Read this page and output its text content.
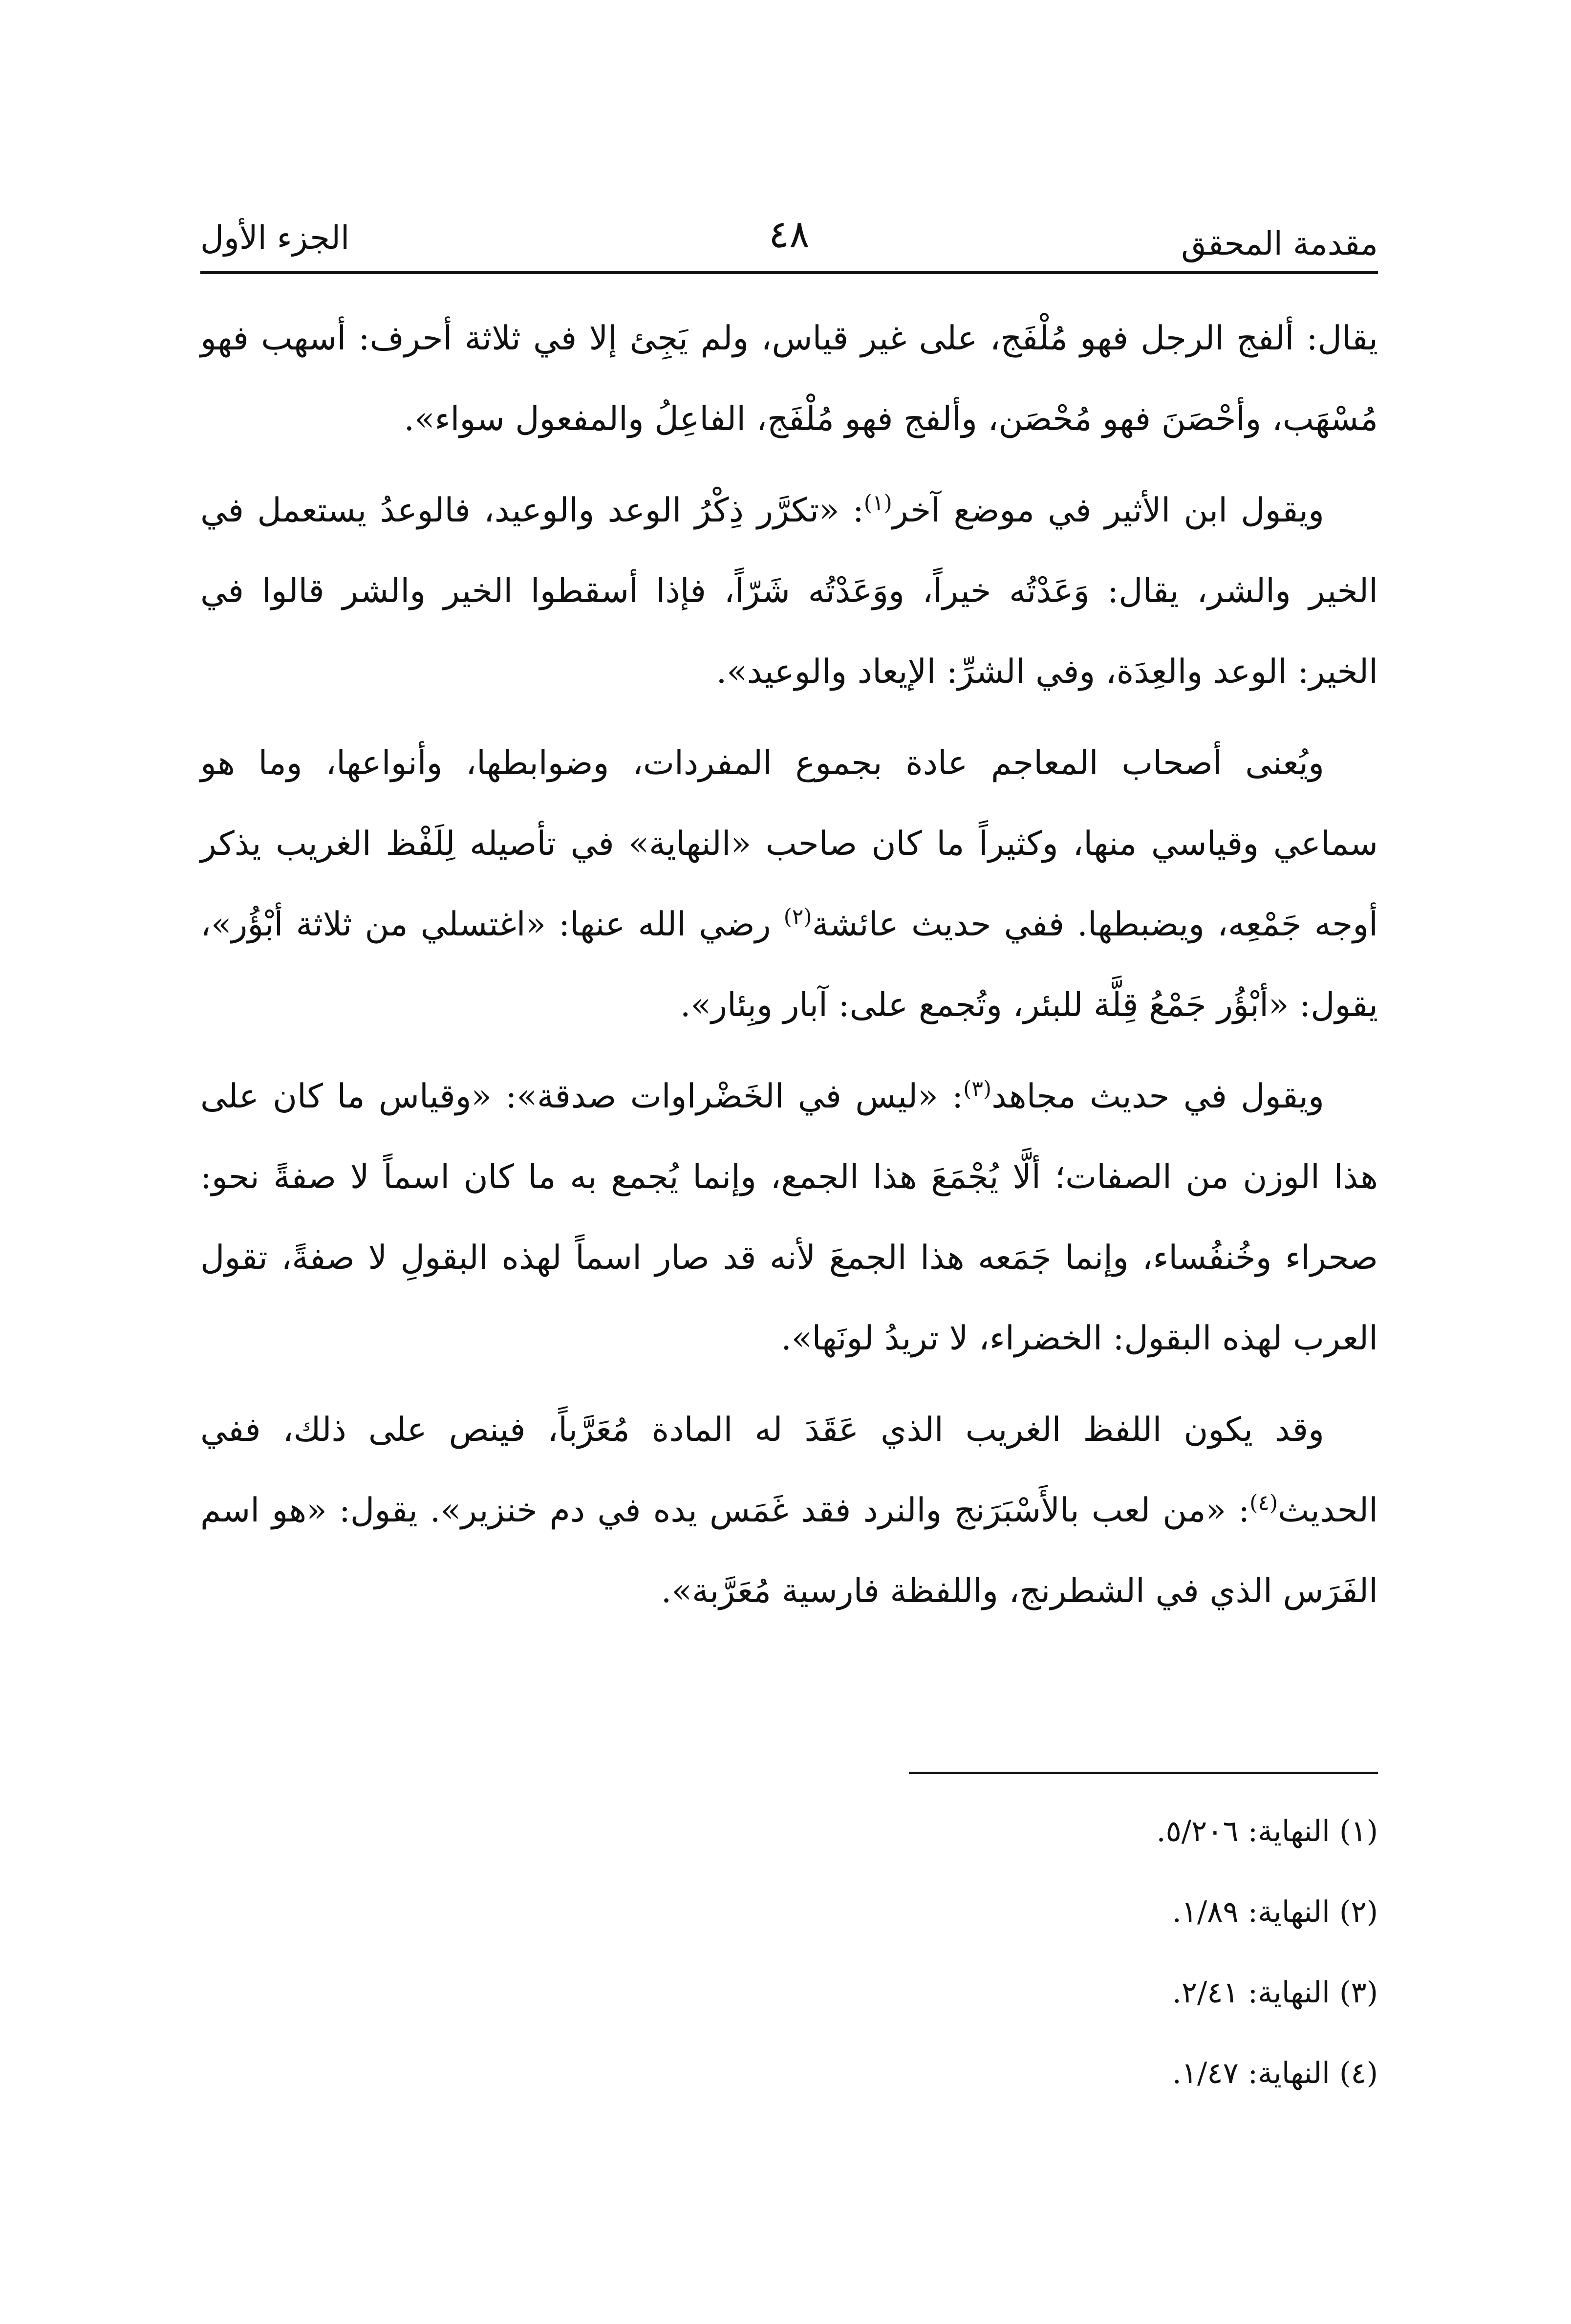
مقدمة المحقق
٤٨
الجزء الأول

يقال: ألفج الرجل فهو مُلْفَج، على غير قياس، ولم يَجِئ إلا في ثلاثة أحرف: أسهب فهو مُسْهَب، وأحْصَنَ فهو مُحْصَن، وألفج فهو مُلْفَج، الفاعِلُ والمفعول سواء».

ويقول ابن الأثير في موضع آخر$^{(١)}$: «تكرَّر ذِكْرُ الوعد والوعيد، فالوعدُ يستعمل في الخير والشر، يقال: وَعَدْتُه خيراً، ووَعَدْتُه شَرّاً، فإذا أسقطوا الخير والشر قالوا في الخير: الوعد والعِدَة، وفي الشرِّ: الإيعاد والوعيد».

ويُعنى أصحاب المعاجم عادة بجموع المفردات، وضوابطها، وأنواعها، وما هو سماعي وقياسي منها، وكثيراً ما كان صاحب «النهاية» في تأصيله لِلَفْظ الغريب يذكر أوجه جَمْعِه، ويضبطها. ففي حديث عائشة$^{(٢)}$ رضي الله عنها: «اغتسلي من ثلاثة أبْؤُر»، يقول: «أبْؤُر جَمْعُ قِلَّة للبئر، وتُجمع على: آبار وبِئار».

ويقول في حديث مجاهد$^{(٣)}$: «ليس في الخَضْراوات صدقة»: «وقياس ما كان على هذا الوزن من الصفات؛ ألَّا يُجْمَعَ هذا الجمع، وإنما يُجمع به ما كان اسماً لا صفةً نحو: صحراء وخُنفُساء، وإنما جَمَعه هذا الجمعَ لأنه قد صار اسماً لهذه البقولِ لا صفةً، تقول العرب لهذه البقول: الخضراء، لا تريدُ لونَها».

وقد يكون اللفظ الغريب الذي عَقَدَ له المادة مُعَرَّباً، فينص على ذلك، ففي الحديث$^{(٤)}$: «من لعب بالأَسْبَرَنج والنرد فقد غَمَس يده في دم خنزير». يقول: «هو اسم الفَرَس الذي في الشطرنج، واللفظة فارسية مُعَرَّبة».

(١) النهاية: ٥/٢٠٦.

(٢) النهاية: ١/٨٩.

(٣) النهاية: ٢/٤١.

(٤) النهاية: ١/٤٧.
